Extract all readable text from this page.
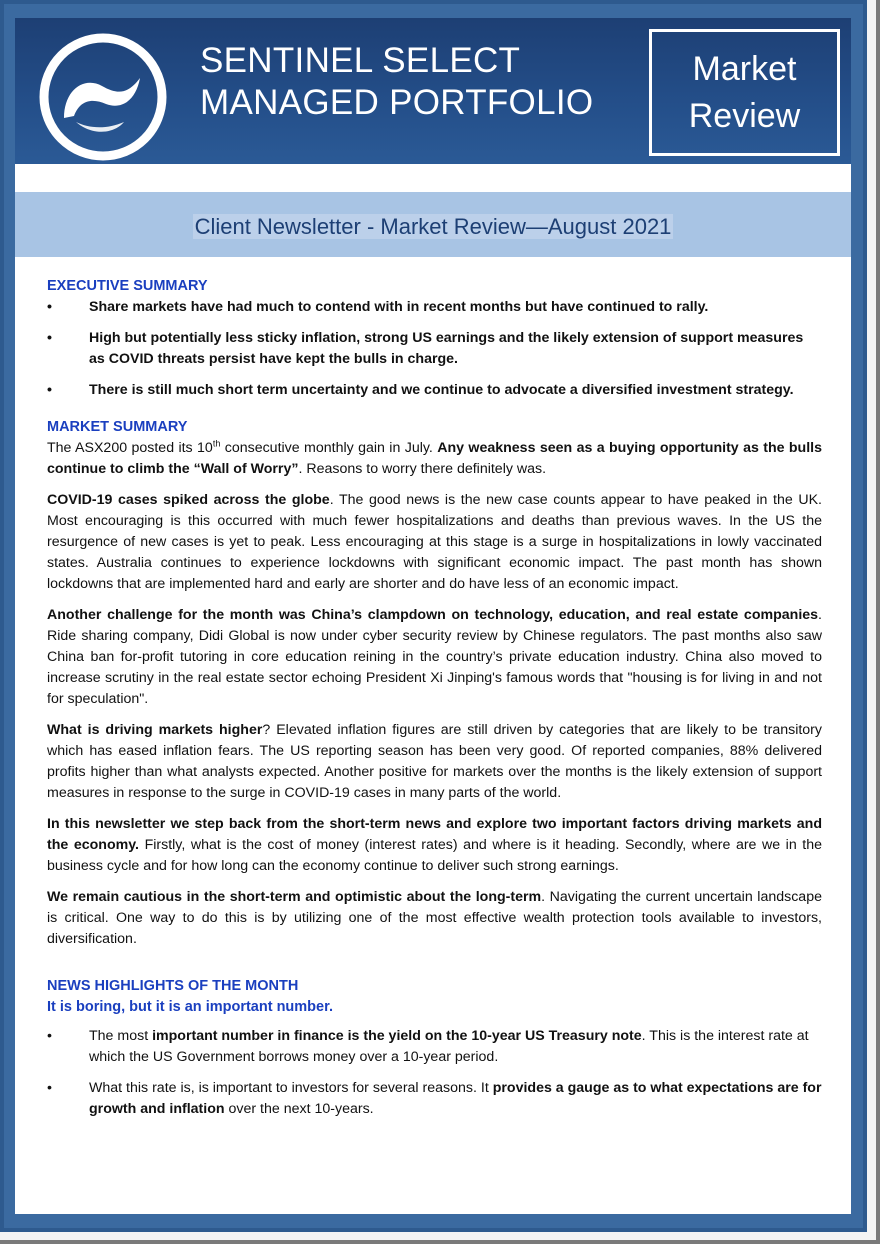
SENTINEL SELECT
MANAGED PORTFOLIO
Market
Review
Client Newsletter - Market Review—August 2021
EXECUTIVE SUMMARY
•	Share markets have had much to contend with in recent months but have continued to rally.
•	High but potentially less sticky inflation, strong US earnings and the likely extension of support measures as COVID threats persist have kept the bulls in charge.
•	There is still much short term uncertainty and we continue to advocate a diversified investment strategy.
MARKET SUMMARY

The ASX200 posted its 10th consecutive monthly gain in July. Any weakness seen as a buying opportunity as the bulls continue to climb the “Wall of Worry”. Reasons to worry there definitely was.

COVID-19 cases spiked across the globe. The good news is the new case counts appear to have peaked in the UK. Most encouraging is this occurred with much fewer hospitalizations and deaths than previous waves. In the US the resurgence of new cases is yet to peak. Less encouraging at this stage is a surge in hospitalizations in lowly vaccinated states. Australia continues to experience lockdowns with significant economic impact. The past month has shown lockdowns that are implemented hard and early are shorter and do have less of an economic impact.

Another challenge for the month was China’s clampdown on technology, education, and real estate companies. Ride sharing company, Didi Global is now under cyber security review by Chinese regulators. The past months also saw China ban for-profit tutoring in core education reining in the country’s private education industry. China also moved to increase scrutiny in the real estate sector echoing President Xi Jinping's famous words that "housing is for living in and not for speculation".

What is driving markets higher? Elevated inflation figures are still driven by categories that are likely to be transitory which has eased inflation fears. The US reporting season has been very good. Of reported companies, 88% delivered profits higher than what analysts expected. Another positive for markets over the months is the likely extension of support measures in response to the surge in COVID-19 cases in many parts of the world.

In this newsletter we step back from the short-term news and explore two important factors driving markets and the economy. Firstly, what is the cost of money (interest rates) and where is it heading. Secondly, where are we in the business cycle and for how long can the economy continue to deliver such strong earnings.

We remain cautious in the short-term and optimistic about the long-term. Navigating the current uncertain landscape is critical. One way to do this is by utilizing one of the most effective wealth protection tools available to investors, diversification.

NEWS HIGHLIGHTS OF THE MONTH
It is boring, but it is an important number.
•	The most important number in finance is the yield on the 10-year US Treasury note. This is the interest rate at which the US Government borrows money over a 10-year period.
•	What this rate is, is important to investors for several reasons. It provides a gauge as to what expectations are for growth and inflation over the next 10-years.
